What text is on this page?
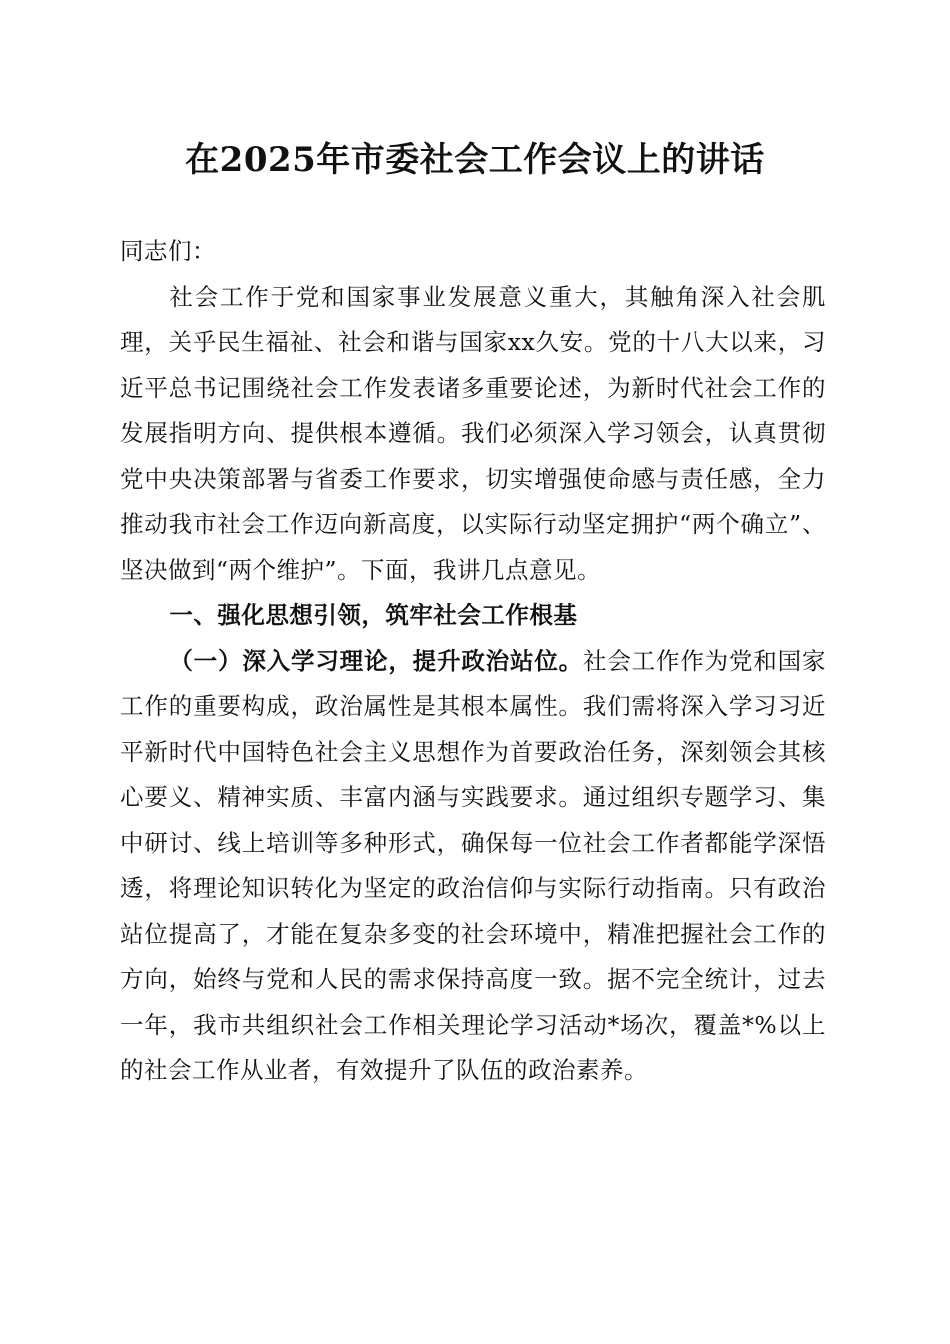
在2025年市委社会工作会议上的讲话

同志们：

社会工作于党和国家事业发展意义重大，其触角深入社会肌理，关乎民生福祉、社会和谐与国家xx久安。党的十八大以来，习近平总书记围绕社会工作发表诸多重要论述，为新时代社会工作的发展指明方向、提供根本遵循。我们必须深入学习领会，认真贯彻党中央决策部署与省委工作要求，切实增强使命感与责任感，全力推动我市社会工作迈向新高度，以实际行动坚定拥护“两个确立”、坚决做到“两个维护”。下面，我讲几点意见。

一、强化思想引领，筑牢社会工作根基

（一）深入学习理论，提升政治站位。社会工作作为党和国家工作的重要构成，政治属性是其根本属性。我们需将深入学习习近平新时代中国特色社会主义思想作为首要政治任务，深刻领会其核心要义、精神实质、丰富内涵与实践要求。通过组织专题学习、集中研讨、线上培训等多种形式，确保每一位社会工作者都能学深悟透，将理论知识转化为坚定的政治信仰与实际行动指南。只有政治站位提高了，才能在复杂多变的社会环境中，精准把握社会工作的方向，始终与党和人民的需求保持高度一致。据不完全统计，过去一年，我市共组织社会工作相关理论学习活动*场次，覆盖*%以上的社会工作从业者，有效提升了队伍的政治素养。
